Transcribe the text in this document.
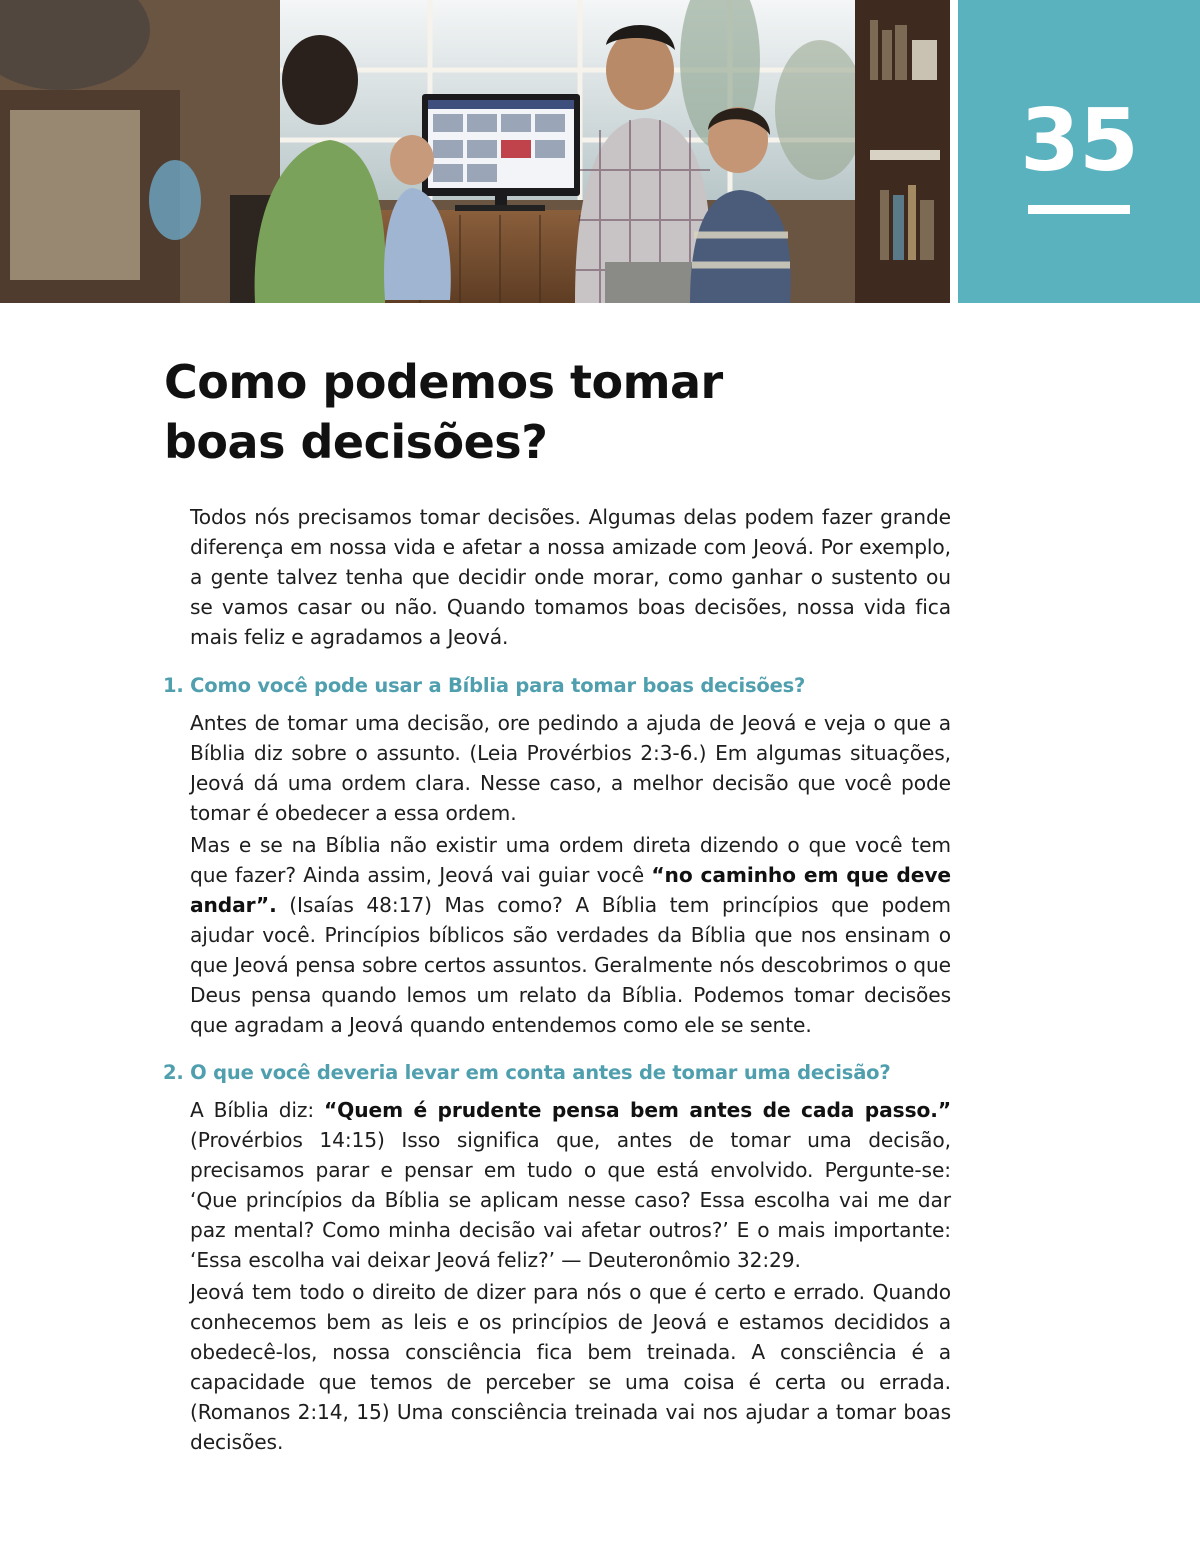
35
Como podemos tomar
boas decisões?

Todos nós precisamos tomar decisões. Algumas delas podem fazer grande diferença em nossa vida e afetar a nossa amizade com Jeová. Por exemplo, a gente talvez tenha que decidir onde morar, como ganhar o sustento ou se vamos casar ou não. Quando tomamos boas decisões, nossa vida fica mais feliz e agradamos a Jeová.

1. Como você pode usar a Bíblia para tomar boas decisões?

Antes de tomar uma decisão, ore pedindo a ajuda de Jeová e veja o que a Bíblia diz sobre o assunto. (Leia Provérbios 2:3-6.) Em algumas situações, Jeová dá uma ordem clara. Nesse caso, a melhor decisão que você pode tomar é obedecer a essa ordem.

Mas e se na Bíblia não existir uma ordem direta dizendo o que você tem que fazer? Ainda assim, Jeová vai guiar você “no caminho em que deve andar”. (Isaías 48:17) Mas como? A Bíblia tem princípios que podem ajudar você. Princípios bíblicos são verdades da Bíblia que nos ensinam o que Jeová pensa sobre certos assuntos. Geralmente nós descobrimos o que Deus pensa quando lemos um relato da Bíblia. Podemos tomar decisões que agradam a Jeová quando entendemos como ele se sente.

2. O que você deveria levar em conta antes de tomar uma decisão?

A Bíblia diz: “Quem é prudente pensa bem antes de cada passo.” (Provérbios 14:15) Isso significa que, antes de tomar uma decisão, precisamos parar e pensar em tudo o que está envolvido. Pergunte-se: ‘Que princípios da Bíblia se aplicam nesse caso? Essa escolha vai me dar paz mental? Como minha decisão vai afetar outros?’ E o mais importante: ‘Essa escolha vai deixar Jeová feliz?’ — Deuteronômio 32:29.

Jeová tem todo o direito de dizer para nós o que é certo e errado. Quando conhecemos bem as leis e os princípios de Jeová e estamos decididos a obedecê-los, nossa consciência fica bem treinada. A consciência é a capacidade que temos de perceber se uma coisa é certa ou errada. (Romanos 2:14, 15) Uma consciência treinada vai nos ajudar a tomar boas decisões.
